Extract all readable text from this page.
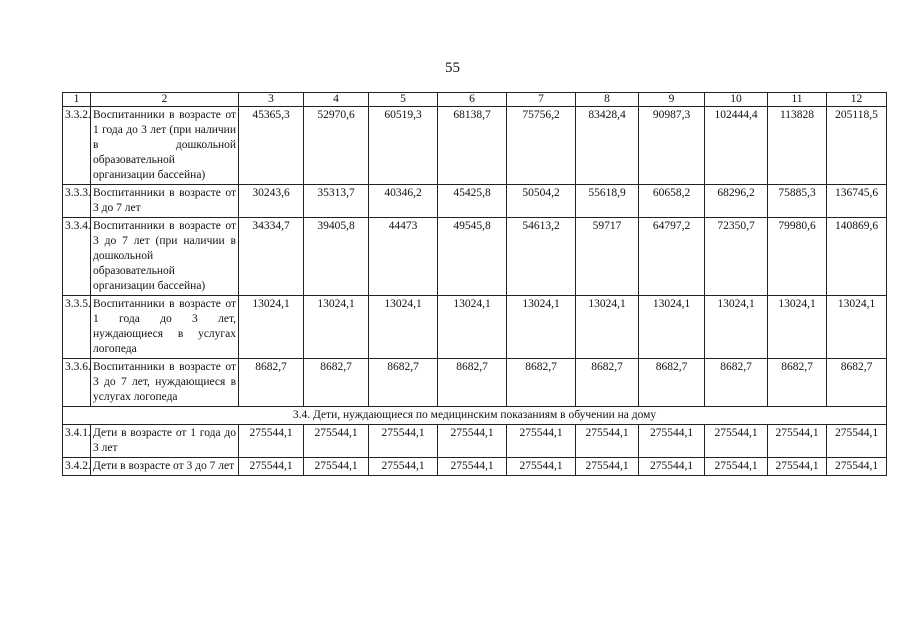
55
1	2	3	4	5	6	7	8	9	10	11	12
3.3.2.	Воспитанники в возрасте от 1 года до 3 лет (при наличии в дошкольной образовательной организации бассейна)	45365,3	52970,6	60519,3	68138,7	75756,2	83428,4	90987,3	102444,4	113828	205118,5
3.3.3.	Воспитанники в возрасте от 3 до 7 лет	30243,6	35313,7	40346,2	45425,8	50504,2	55618,9	60658,2	68296,2	75885,3	136745,6
3.3.4.	Воспитанники в возрасте от 3 до 7 лет (при наличии в дошкольной образовательной организации бассейна)	34334,7	39405,8	44473	49545,8	54613,2	59717	64797,2	72350,7	79980,6	140869,6
3.3.5.	Воспитанники в возрасте от 1 года до 3 лет, нуждающиеся в услугах логопеда	13024,1	13024,1	13024,1	13024,1	13024,1	13024,1	13024,1	13024,1	13024,1	13024,1
3.3.6.	Воспитанники в возрасте от 3 до 7 лет, нуждающиеся в услугах логопеда	8682,7	8682,7	8682,7	8682,7	8682,7	8682,7	8682,7	8682,7	8682,7	8682,7
3.4. Дети, нуждающиеся по медицинским показаниям в обучении на дому											
3.4.1.	Дети в возрасте от 1 года до 3 лет	275544,1	275544,1	275544,1	275544,1	275544,1	275544,1	275544,1	275544,1	275544,1	275544,1
3.4.2.	Дети в возрасте от 3 до 7 лет	275544,1	275544,1	275544,1	275544,1	275544,1	275544,1	275544,1	275544,1	275544,1	275544,1
